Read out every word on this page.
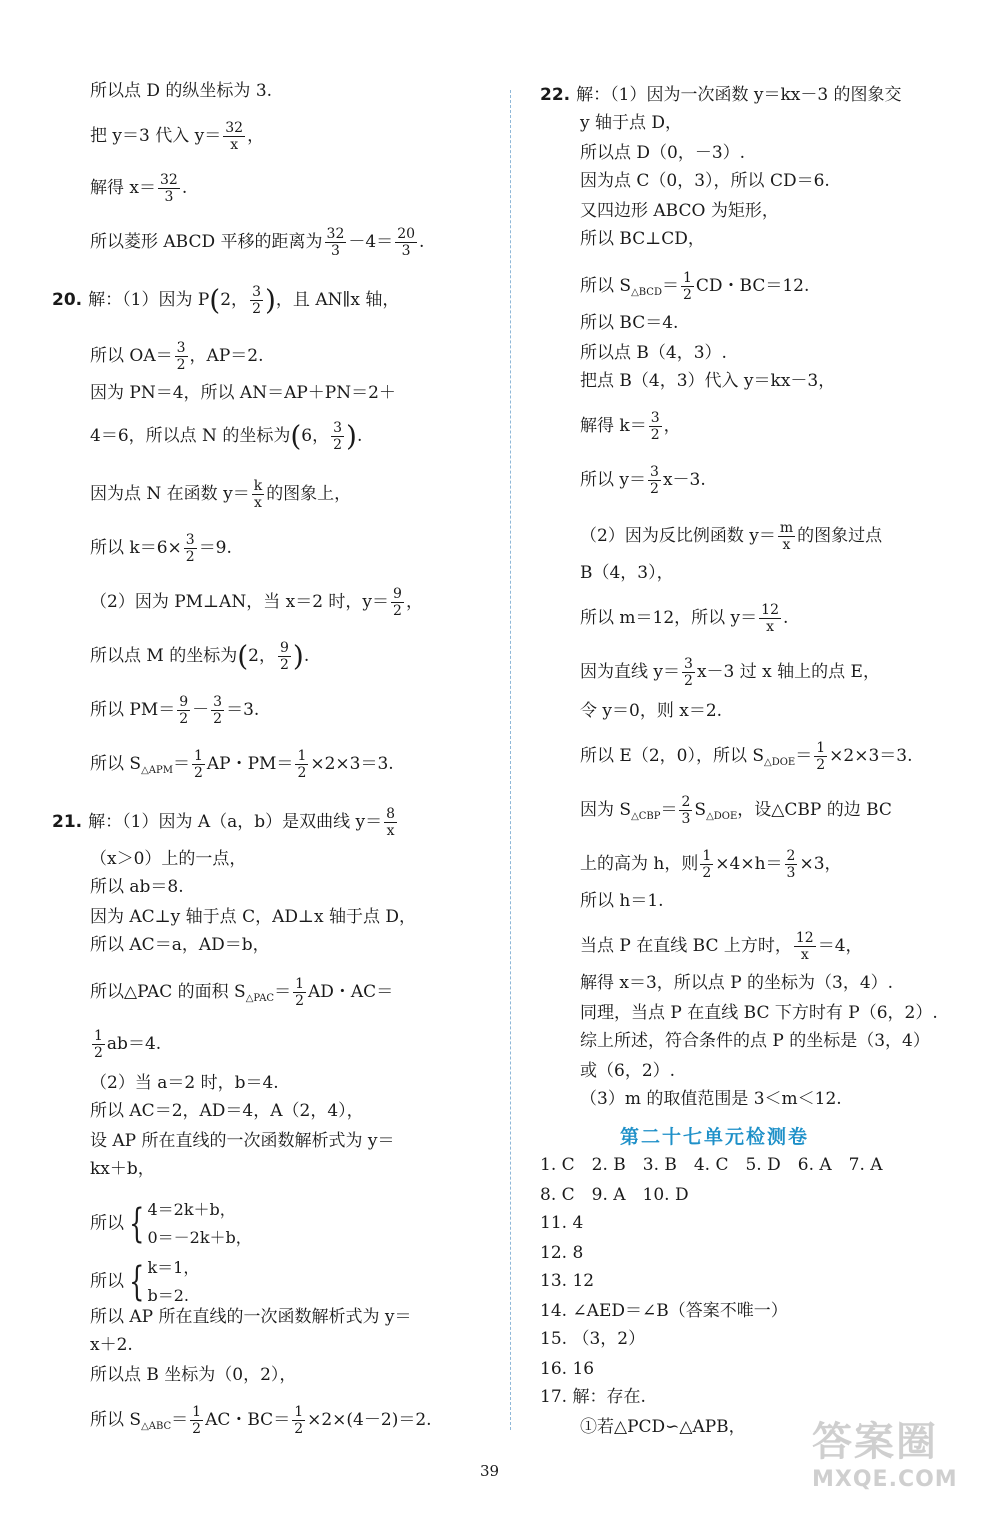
所以点 D 的纵坐标为 3.
把 y＝3 代入 $y= \frac{32}{x}$ ，
解得 $x= \frac{32}{3}$ .
所以菱形 ABCD 平移的距离为 $\frac{32}{3} -4= \frac{20}{3}$ .
20. 解：（1）因为 P(2， $\frac{3}{2}$ )，且 AN∥x 轴，
所以 $OA= \frac{3}{2}$ ，AP＝2.
因为 PN＝4，所以 AN＝AP＋PN＝2＋
4＝6，所以点 N 的坐标为(6， $\frac{3}{2}$ ).
因为点 N 在函数 $y= \frac{k}{x}$ 的图象上，
所以 $k=6\times \frac{3}{2} =9$.
（2）因为 PM⊥AN，当 x＝2 时，$y= \frac{9}{2}$ ，
所以点 M 的坐标为(2， $\frac{9}{2}$ ).
所以 $PM= \frac{9}{2} - \frac{3}{2} =3$.
所以 $S_{\triangle APM}= \frac{1}{2}$ AP・$PM= \frac{1}{2} \times 2\times 3=3$.
21. 解：（1）因为 A（a，b）是双曲线 $y= \frac{8}{x}$
（x＞0）上的一点，
所以 ab＝8.
因为 AC⊥y 轴于点 C，AD⊥x 轴于点 D，
所以 AC＝a，AD＝b，
所以△PAC 的面积 $S_{\triangle PAC}= \frac{1}{2}$ AD・AC＝
$\frac{1}{2} ab=4$.
（2）当 a＝2 时，b＝4.
所以 AC＝2，AD＝4，A（2，4），
设 AP 所在直线的一次函数解析式为 y＝
kx＋b，
所以 { 4＝2k＋b，
0＝－2k＋b，
所以 { k＝1，
b＝2.
所以 AP 所在直线的一次函数解析式为 y＝
x＋2.
所以点 B 坐标为（0，2），
所以 $S_{\triangle ABC}= \frac{1}{2}$ AC・$BC= \frac{1}{2} \times 2\times(4-2)=2$.
22. 解：（1）因为一次函数 y＝kx－3 的图象交
y 轴于点 D，
所以点 D（0，－3）.
因为点 C（0，3），所以 CD＝6.
又四边形 ABCO 为矩形，
所以 BC⊥CD，
所以 $S_{\triangle BCD}= \frac{1}{2}$ CD・BC＝12.
所以 BC＝4.
所以点 B（4，3）.
把点 B（4，3）代入 y＝kx－3，
解得 $k= \frac{3}{2}$ ，
所以 $y= \frac{3}{2} x-3$.
（2）因为反比例函数 $y= \frac{m}{x}$ 的图象过点
B（4，3），
所以 m＝12，所以 $y= \frac{12}{x}$ .
因为直线 $y= \frac{3}{2} x-3$ 过 x 轴上的点 E，
令 y＝0，则 x＝2.
所以 E（2，0），所以 $S_{\triangle DOE}= \frac{1}{2} \times 2\times 3=3$.
因为 $S_{\triangle CBP}= \frac{2}{3} S_{\triangle DOE}$，设△CBP 的边 BC
上的高为 h，则 $\frac{1}{2} \times 4\times h= \frac{2}{3} \times 3$，
所以 h＝1.
当点 P 在直线 BC 上方时， $\frac{12}{x} =4$，
解得 x＝3，所以点 P 的坐标为（3，4）.
同理，当点 P 在直线 BC 下方时有 P（6，2）.
综上所述，符合条件的点 P 的坐标是（3，4）
或（6，2）.
（3）m 的取值范围是 3＜m＜12.
1. C　2. B　3. B　4. C　5. D　6. A　7. A
8. C　9. A　10. D
11. 4
12. 8
13. 12
14. ∠AED＝∠B（答案不唯一）
15. （3，2）
16. 16
17. 解：存在.
①若△PCD∽△APB，
第二十七单元检测卷
39
答案圈
MXQE.COM
